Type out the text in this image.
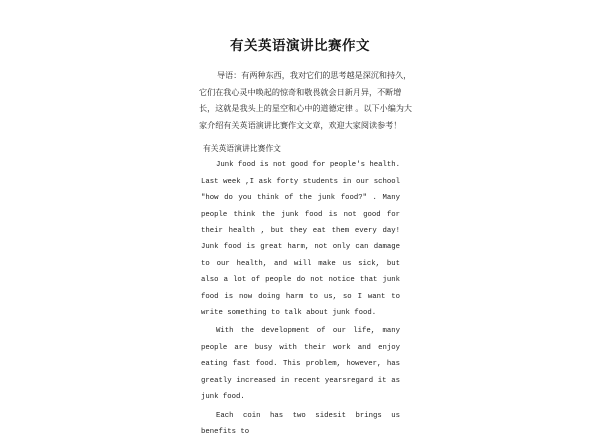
有关英语演讲比赛作文

导语：有两种东西，我对它们的思考越是深沉和持久，它们在我心灵中唤起的惊奇和敬畏就会日新月异，不断增长，这就是我头上的星空和心中的道德定律 。以下小编为大家介绍有关英语演讲比赛作文文章，欢迎大家阅读参考！

有关英语演讲比赛作文

Junk food is not good for people's health. Last week ,I ask forty students in our school "how do you think of the junk food?" . Many people think the junk food is not good for their health , but they eat them every day! Junk food is great harm, not only can damage to our health, and will make us sick, but also a lot of people do not notice that junk food is now doing harm to us, so I want to write something to talk about junk food.

With the development of our life, many people are busy with their work and enjoy eating fast food. This problem, however, has greatly increased in recent yearsregard it as junk food.

Each coin has two sidesit brings us benefits to
